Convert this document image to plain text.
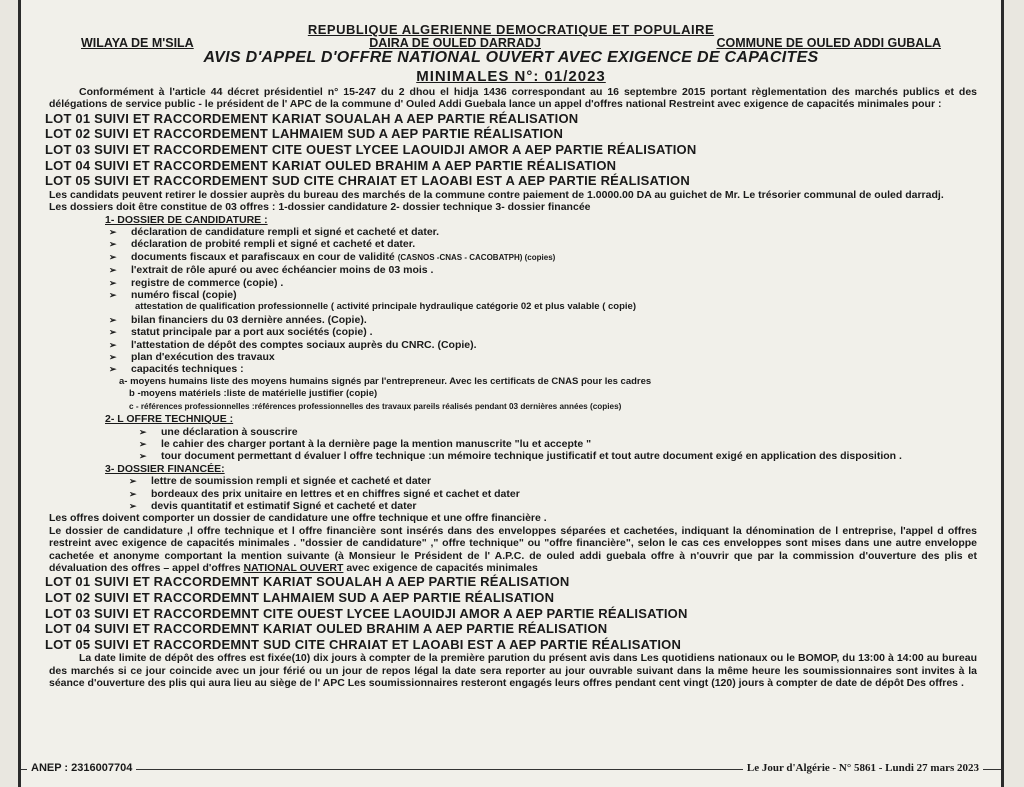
REPUBLIQUE ALGERIENNE DEMOCRATIQUE ET POPULAIRE
WILAYA DE M'SILA	DAIRA DE OULED DARRADJ	COMMUNE DE OULED ADDI GUBALA
AVIS D'APPEL D'OFFRE NATIONAL OUVERT AVEC EXIGENCE DE CAPACITES
MINIMALES N°: 01/2023
Conformément à l'article 44 décret présidentiel n° 15-247 du 2 dhou el hidja 1436 correspondant au 16 septembre 2015 portant règlementation des marchés publics et des délégations de service public - le président de l' APC de la commune d' Ouled Addi Guebala lance un appel d'offres national Restreint avec exigence de capacités minimales pour :
LOT 01 SUIVI ET RACCORDEMENT KARIAT SOUALAH A AEP PARTIE RÉALISATION
LOT 02 SUIVI ET RACCORDEMENT LAHMAIEM SUD A AEP PARTIE RÉALISATION
LOT 03 SUIVI ET RACCORDEMENT CITE OUEST LYCEE LAOUIDJI AMOR A AEP PARTIE RÉALISATION
LOT 04 SUIVI ET RACCORDEMENT KARIAT OULED BRAHIM A AEP PARTIE RÉALISATION
LOT 05 SUIVI ET RACCORDEMENT SUD CITE CHRAIAT ET LAOABI EST A AEP PARTIE RÉALISATION
Les candidats peuvent retirer le dossier auprès du bureau des marchés de la commune contre paiement de 1.0000.00 DA au guichet de Mr. Le trésorier communal de ouled darradj.
Les dossiers doit être constitue de 03 offres : 1-dossier candidature 2- dossier technique 3- dossier financée
1- DOSSIER DE CANDIDATURE :
➢	déclaration de candidature rempli et signé et cacheté et dater.
➢	déclaration de probité rempli et signé et cacheté et dater.
➢	documents fiscaux et parafiscaux en cour de validité (CASNOS -CNAS - CACOBATPH) (copies)
➢	l'extrait de rôle apuré ou avec échéancier moins de 03 mois .
➢	registre de commerce (copie) .
➢	numéro fiscal (copie)
attestation de qualification professionnelle ( activité principale hydraulique catégorie 02 et plus valable ( copie)
➢	bilan financiers du 03 dernière années. (Copie).
➢	statut principale par a port aux sociétés (copie) .
➢	l'attestation de dépôt des comptes sociaux auprès du CNRC. (Copie).
➢	plan d'exécution des travaux
➢	capacités techniques :
a- moyens humains liste des moyens humains signés par l'entrepreneur. Avec les certificats de CNAS pour les cadres
b -moyens matériels :liste de matérielle justifier (copie)
c - références professionnelles :références professionnelles des travaux pareils réalisés pendant 03 dernières années (copies)
2- L OFFRE TECHNIQUE :
➢	une déclaration à souscrire
➢	le cahier des charger portant à la dernière page la mention manuscrite "lu et accepte "
➢	tour document permettant d évaluer l offre technique :un mémoire technique justificatif et tout autre document exigé en application des disposition .
3- DOSSIER FINANCÉE:
➢	lettre de soumission rempli et signée et cacheté et dater
➢	bordeaux des prix unitaire en lettres et en chiffres signé et cachet et dater
➢	devis quantitatif et estimatif Signé et cacheté et dater
Les offres doivent comporter un dossier de candidature une offre technique et une offre financière .
Le dossier de candidature ,l offre technique et l offre financière sont insérés dans des enveloppes séparées et cachetées, indiquant la dénomination de l entreprise, l'appel d offres restreint avec exigence de capacités minimales . "dossier de candidature" ," offre technique" ou "offre financière", selon le cas ces enveloppes sont mises dans une autre enveloppe cachetée et anonyme comportant la mention suivante (à Monsieur le Président de l' A.P.C. de ouled addi guebala offre à n'ouvrir que par la commission d'ouverture des plis et dévaluation des offres – appel d'offres NATIONAL OUVERT avec exigence de capacités minimales
LOT 01 SUIVI ET RACCORDEMNT KARIAT SOUALAH A AEP PARTIE RÉALISATION
LOT 02 SUIVI ET RACCORDEMNT LAHMAIEM SUD A AEP PARTIE RÉALISATION
LOT 03 SUIVI ET RACCORDEMNT CITE OUEST LYCEE LAOUIDJI AMOR A AEP PARTIE RÉALISATION
LOT 04 SUIVI ET RACCORDEMNT KARIAT OULED BRAHIM A AEP PARTIE RÉALISATION
LOT 05 SUIVI ET RACCORDEMNT SUD CITE CHRAIAT ET LAOABI EST A AEP PARTIE RÉALISATION
La date limite de dépôt des offres est fixée(10) dix jours à compter de la première parution du présent avis dans Les quotidiens nationaux ou le BOMOP, du 13:00 à 14:00 au bureau des marchés si ce jour coincide avec un jour férié ou un jour de repos légal la date sera reporter au jour ouvrable suivant dans la même heure les soumissionnaires sont invites à la séance d'ouverture des plis qui aura lieu au siège de l' APC Les soumissionnaires resteront engagés leurs offres pendant cent vingt (120) jours à compter de date de dépôt Des offres .
ANEP : 2316007704	Le Jour d'Algérie - N° 5861 - Lundi 27 mars 2023
